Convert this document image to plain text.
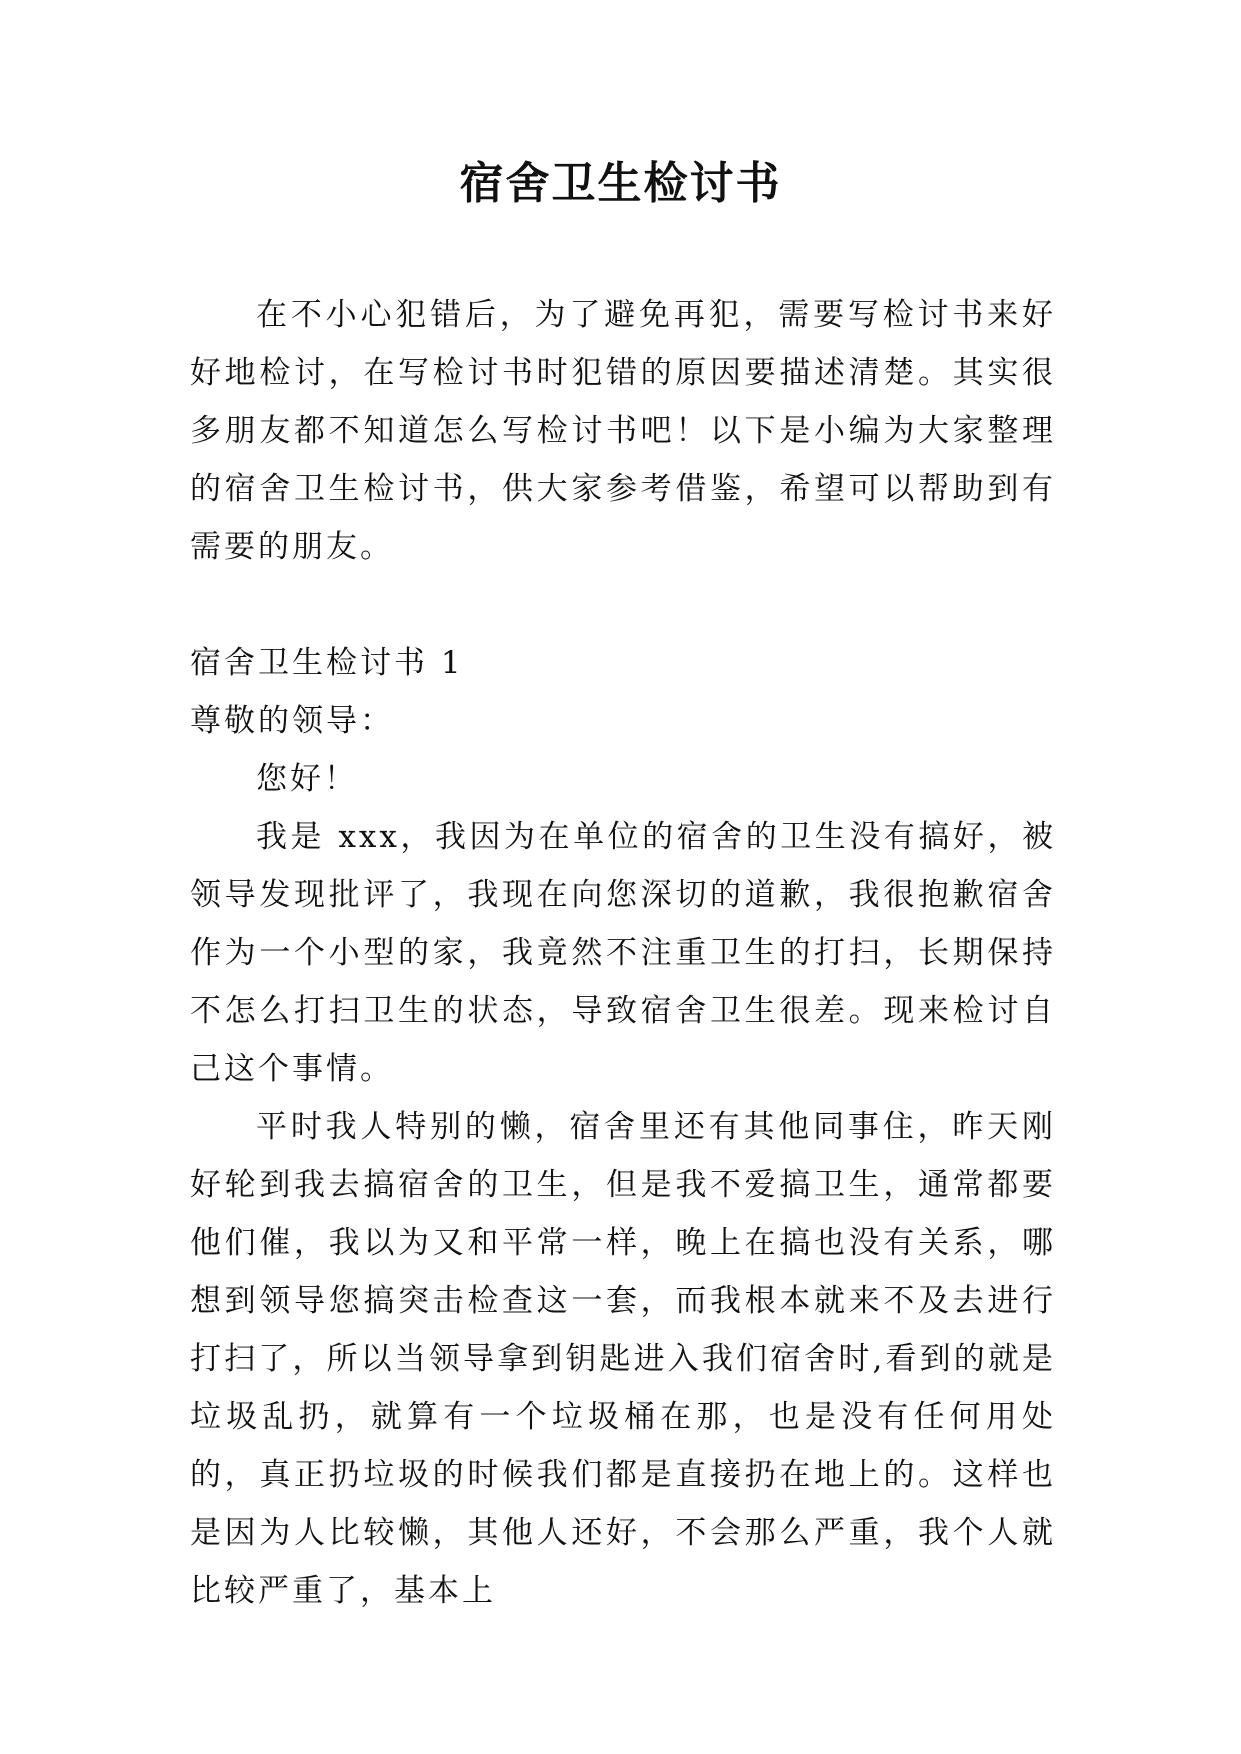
宿舍卫生检讨书

在不小心犯错后，为了避免再犯，需要写检讨书来好好地检讨，在写检讨书时犯错的原因要描述清楚。其实很多朋友都不知道怎么写检讨书吧！以下是小编为大家整理的宿舍卫生检讨书，供大家参考借鉴，希望可以帮助到有需要的朋友。

宿舍卫生检讨书 1

尊敬的领导：

您好！

我是 xxx，我因为在单位的宿舍的卫生没有搞好，被领导发现批评了，我现在向您深切的道歉，我很抱歉宿舍作为一个小型的家，我竟然不注重卫生的打扫，长期保持不怎么打扫卫生的状态，导致宿舍卫生很差。现来检讨自己这个事情。

平时我人特别的懒，宿舍里还有其他同事住，昨天刚好轮到我去搞宿舍的卫生，但是我不爱搞卫生，通常都要他们催，我以为又和平常一样，晚上在搞也没有关系，哪想到领导您搞突击检查这一套，而我根本就来不及去进行打扫了，所以当领导拿到钥匙进入我们宿舍时,看到的就是垃圾乱扔，就算有一个垃圾桶在那，也是没有任何用处的，真正扔垃圾的时候我们都是直接扔在地上的。这样也是因为人比较懒，其他人还好，不会那么严重，我个人就比较严重了，基本上
